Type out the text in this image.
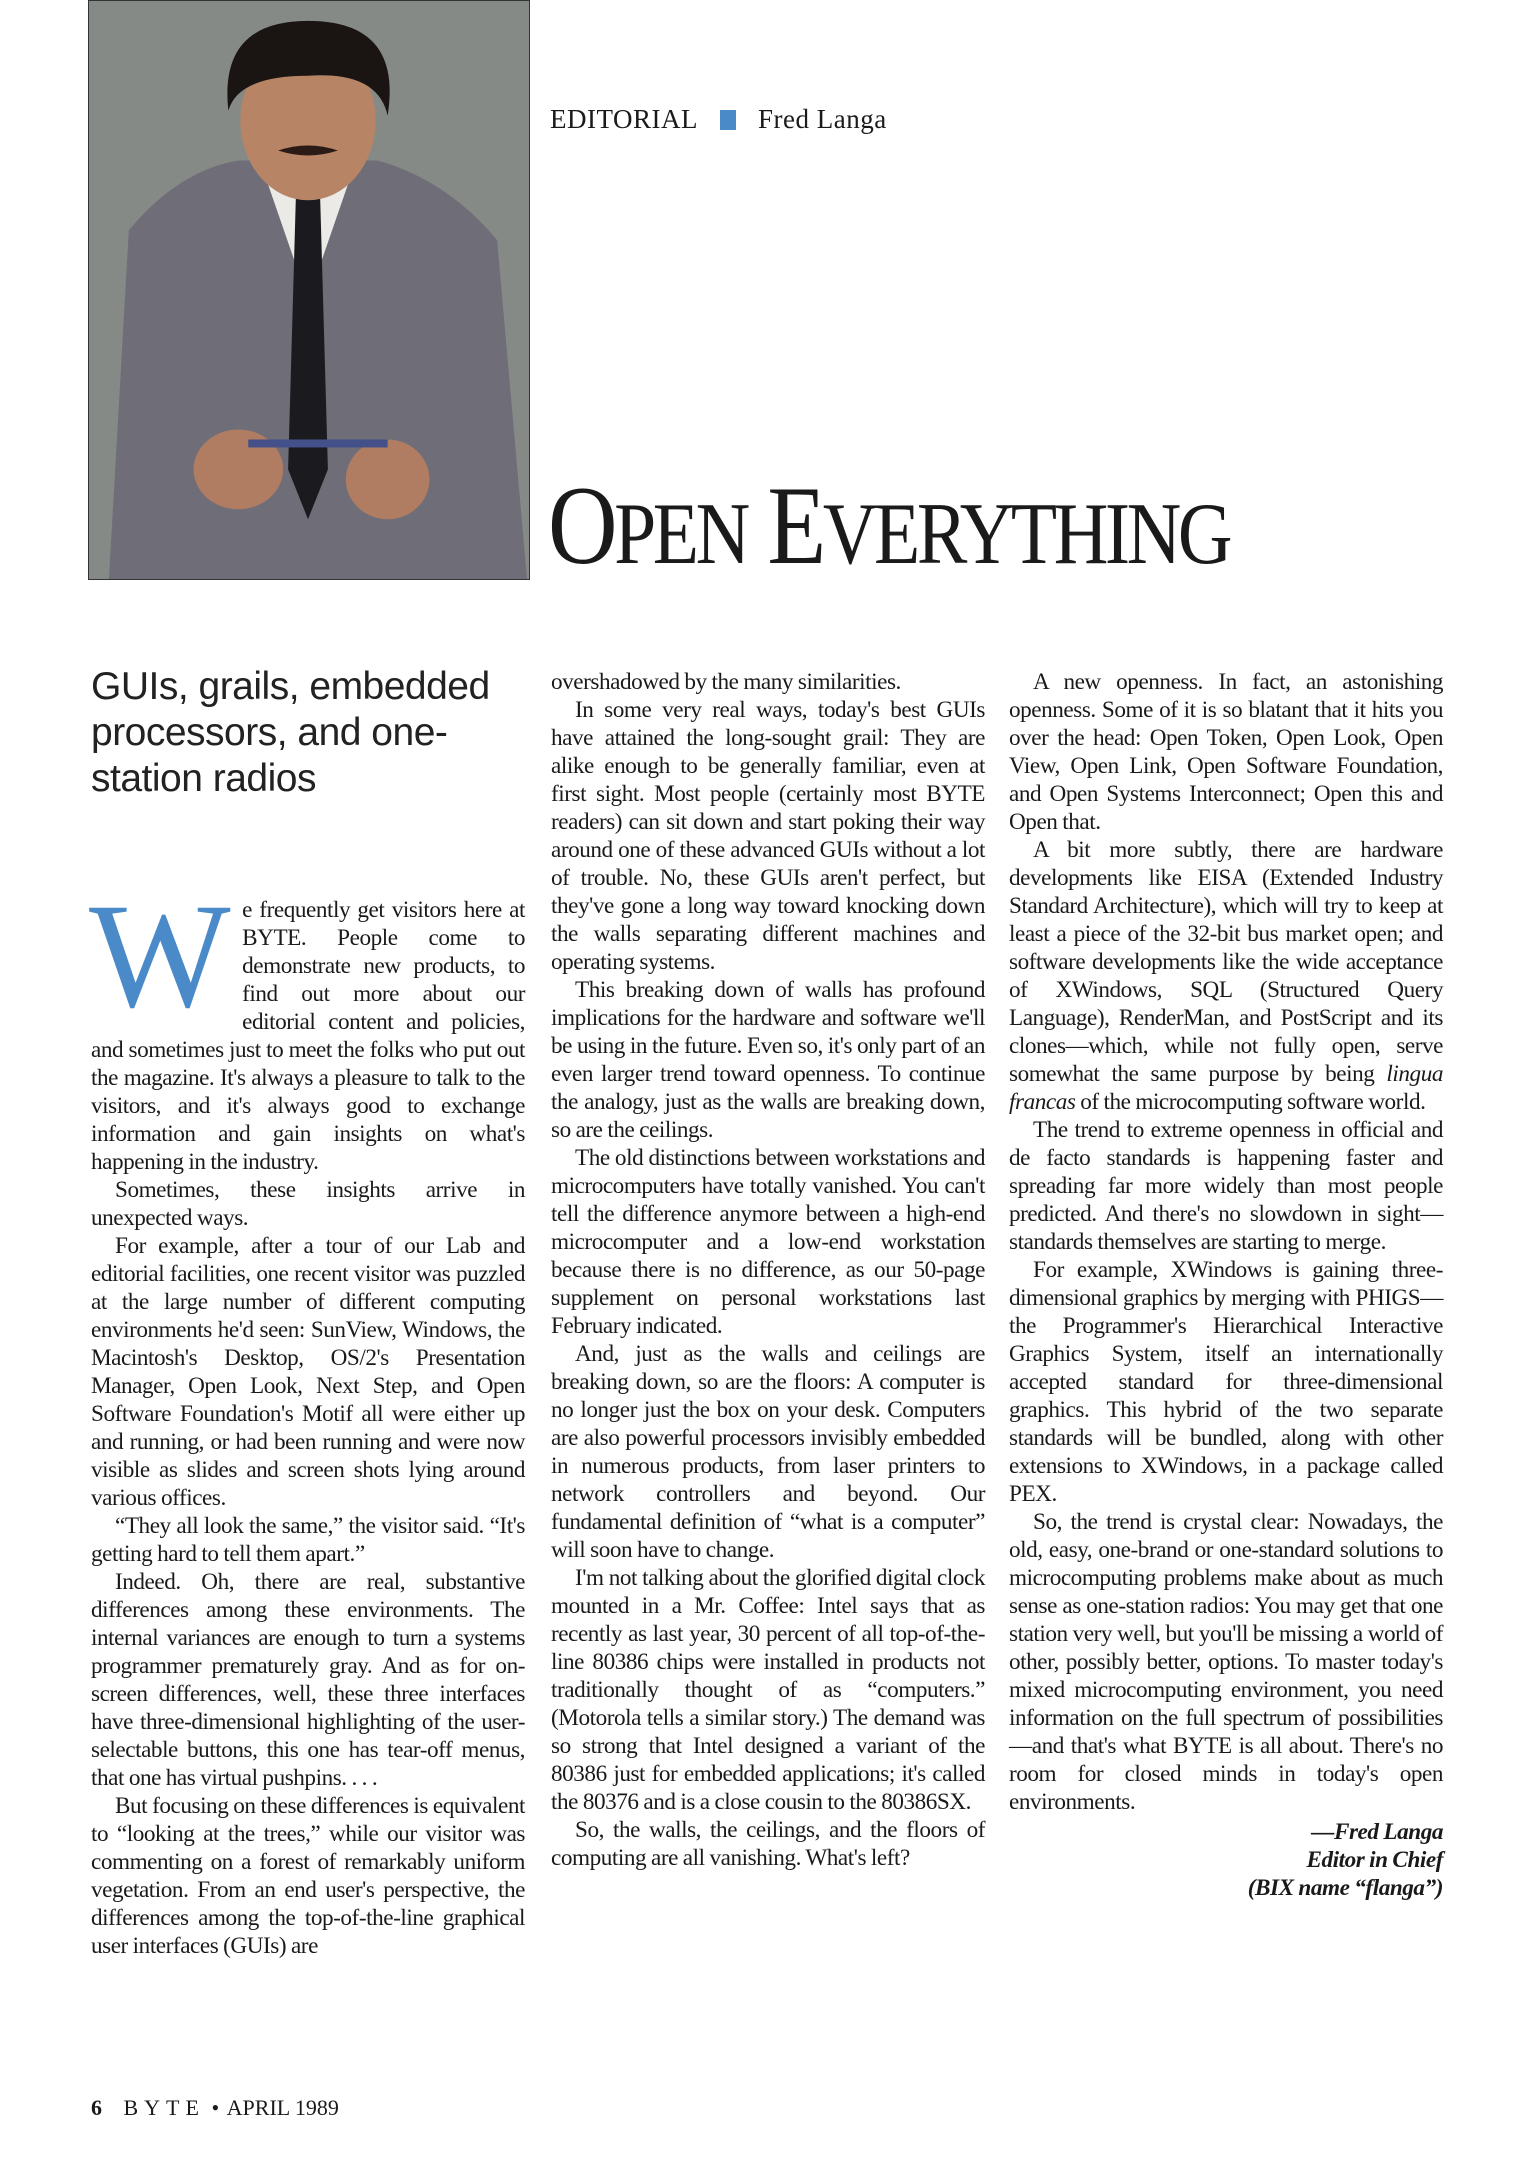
EDITORIAL Fred Langa
OPEN EVERYTHING
GUIs, grails, embedded processors, and one-station radios

We frequently get visitors here at BYTE. People come to demonstrate new products, to find out more about our editorial content and policies, and sometimes just to meet the folks who put out the magazine. It's always a pleasure to talk to the visitors, and it's always good to exchange information and gain insights on what's happening in the industry.

Sometimes, these insights arrive in unexpected ways.

For example, after a tour of our Lab and editorial facilities, one recent visitor was puzzled at the large number of different computing environments he'd seen: SunView, Windows, the Macintosh's Desktop, OS/2's Presentation Manager, Open Look, Next Step, and Open Software Foundation's Motif all were either up and running, or had been running and were now visible as slides and screen shots lying around various offices.

“They all look the same,” the visitor said. “It's getting hard to tell them apart.”

Indeed. Oh, there are real, substantive differences among these environments. The internal variances are enough to turn a systems programmer prematurely gray. And as for on-screen differences, well, these three interfaces have three-dimensional highlighting of the user-selectable buttons, this one has tear-off menus, that one has virtual pushpins. . . .

But focusing on these differences is equivalent to “looking at the trees,” while our visitor was commenting on a forest of remarkably uniform vegetation. From an end user's perspective, the differences among the top-of-the-line graphical user interfaces (GUIs) are

overshadowed by the many similarities.

In some very real ways, today's best GUIs have attained the long-sought grail: They are alike enough to be generally familiar, even at first sight. Most people (certainly most BYTE readers) can sit down and start poking their way around one of these advanced GUIs without a lot of trouble. No, these GUIs aren't perfect, but they've gone a long way toward knocking down the walls separating different machines and operating systems.

This breaking down of walls has profound implications for the hardware and software we'll be using in the future. Even so, it's only part of an even larger trend toward openness. To continue the analogy, just as the walls are breaking down, so are the ceilings.

The old distinctions between workstations and microcomputers have totally vanished. You can't tell the difference anymore between a high-end microcomputer and a low-end workstation because there is no difference, as our 50-page supplement on personal workstations last February indicated.

And, just as the walls and ceilings are breaking down, so are the floors: A computer is no longer just the box on your desk. Computers are also powerful processors invisibly embedded in numerous products, from laser printers to network controllers and beyond. Our fundamental definition of “what is a computer” will soon have to change.

I'm not talking about the glorified digital clock mounted in a Mr. Coffee: Intel says that as recently as last year, 30 percent of all top-of-the-line 80386 chips were installed in products not traditionally thought of as “computers.” (Motorola tells a similar story.) The demand was so strong that Intel designed a variant of the 80386 just for embedded applications; it's called the 80376 and is a close cousin to the 80386SX.

So, the walls, the ceilings, and the floors of computing are all vanishing. What's left?

A new openness. In fact, an astonishing openness. Some of it is so blatant that it hits you over the head: Open Token, Open Look, Open View, Open Link, Open Software Foundation, and Open Systems Interconnect; Open this and Open that.

A bit more subtly, there are hardware developments like EISA (Extended Industry Standard Architecture), which will try to keep at least a piece of the 32-bit bus market open; and software developments like the wide acceptance of XWindows, SQL (Structured Query Language), RenderMan, and PostScript and its clones—which, while not fully open, serve somewhat the same purpose by being lingua francas of the microcomputing software world.

The trend to extreme openness in official and de facto standards is happening faster and spreading far more widely than most people predicted. And there's no slowdown in sight—standards themselves are starting to merge.

For example, XWindows is gaining three-dimensional graphics by merging with PHIGS—the Programmer's Hierarchical Interactive Graphics System, itself an internationally accepted standard for three-dimensional graphics. This hybrid of the two separate standards will be bundled, along with other extensions to XWindows, in a package called PEX.

So, the trend is crystal clear: Nowadays, the old, easy, one-brand or one-standard solutions to microcomputing problems make about as much sense as one-station radios: You may get that one station very well, but you'll be missing a world of other, possibly better, options. To master today's mixed microcomputing environment, you need information on the full spectrum of possibilities—and that's what BYTE is all about. There's no room for closed minds in today's open environments.

—Fred Langa
Editor in Chief
(BIX name “flanga”)
6 BYTE • APRIL 1989
